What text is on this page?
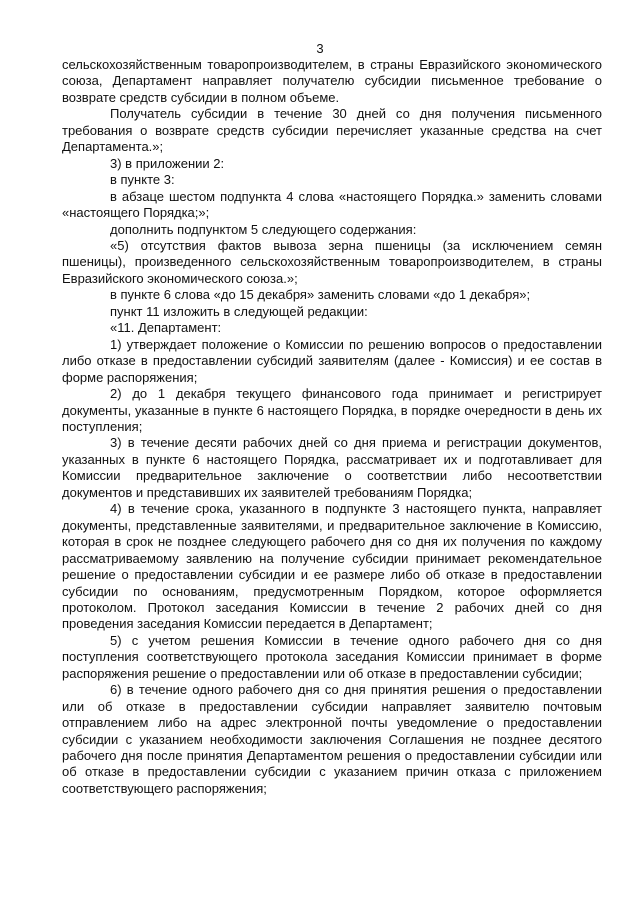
3

сельскохозяйственным товаропроизводителем, в страны Евразийского экономического союза, Департамент направляет получателю субсидии письменное требование о возврате средств субсидии в полном объеме.

Получатель субсидии в течение 30 дней со дня получения письменного требования о возврате средств субсидии перечисляет указанные средства на счет Департамента.»;

3) в приложении 2:

в пункте 3:

в абзаце шестом подпункта 4 слова «настоящего Порядка.» заменить словами «настоящего Порядка;»;

дополнить подпунктом 5 следующего содержания:

«5) отсутствия фактов вывоза зерна пшеницы (за исключением семян пшеницы), произведенного сельскохозяйственным товаропроизводителем, в страны Евразийского экономического союза.»;

в пункте 6 слова «до 15 декабря» заменить словами «до 1 декабря»;

пункт 11 изложить в следующей редакции:

«11. Департамент:

1) утверждает положение о Комиссии по решению вопросов о предоставлении либо отказе в предоставлении субсидий заявителям (далее - Комиссия) и ее состав в форме распоряжения;

2) до 1 декабря текущего финансового года принимает и регистрирует документы, указанные в пункте 6 настоящего Порядка, в порядке очередности в день их поступления;

3) в течение десяти рабочих дней со дня приема и регистрации документов, указанных в пункте 6 настоящего Порядка, рассматривает их и подготавливает для Комиссии предварительное заключение о соответствии либо несоответствии документов и представивших их заявителей требованиям Порядка;

4) в течение срока, указанного в подпункте 3 настоящего пункта, направляет документы, представленные заявителями, и предварительное заключение в Комиссию, которая в срок не позднее следующего рабочего дня со дня их получения по каждому рассматриваемому заявлению на получение субсидии принимает рекомендательное решение о предоставлении субсидии и ее размере либо об отказе в предоставлении субсидии по основаниям, предусмотренным Порядком, которое оформляется протоколом. Протокол заседания Комиссии в течение 2 рабочих дней со дня проведения заседания Комиссии передается в Департамент;

5) с учетом решения Комиссии в течение одного рабочего дня со дня поступления соответствующего протокола заседания Комиссии принимает в форме распоряжения решение о предоставлении или об отказе в предоставлении субсидии;

6) в течение одного рабочего дня со дня принятия решения о предоставлении или об отказе в предоставлении субсидии направляет заявителю почтовым отправлением либо на адрес электронной почты уведомление о предоставлении субсидии с указанием необходимости заключения Соглашения не позднее десятого рабочего дня после принятия Департаментом решения о предоставлении субсидии или об отказе в предоставлении субсидии с указанием причин отказа с приложением соответствующего распоряжения;
